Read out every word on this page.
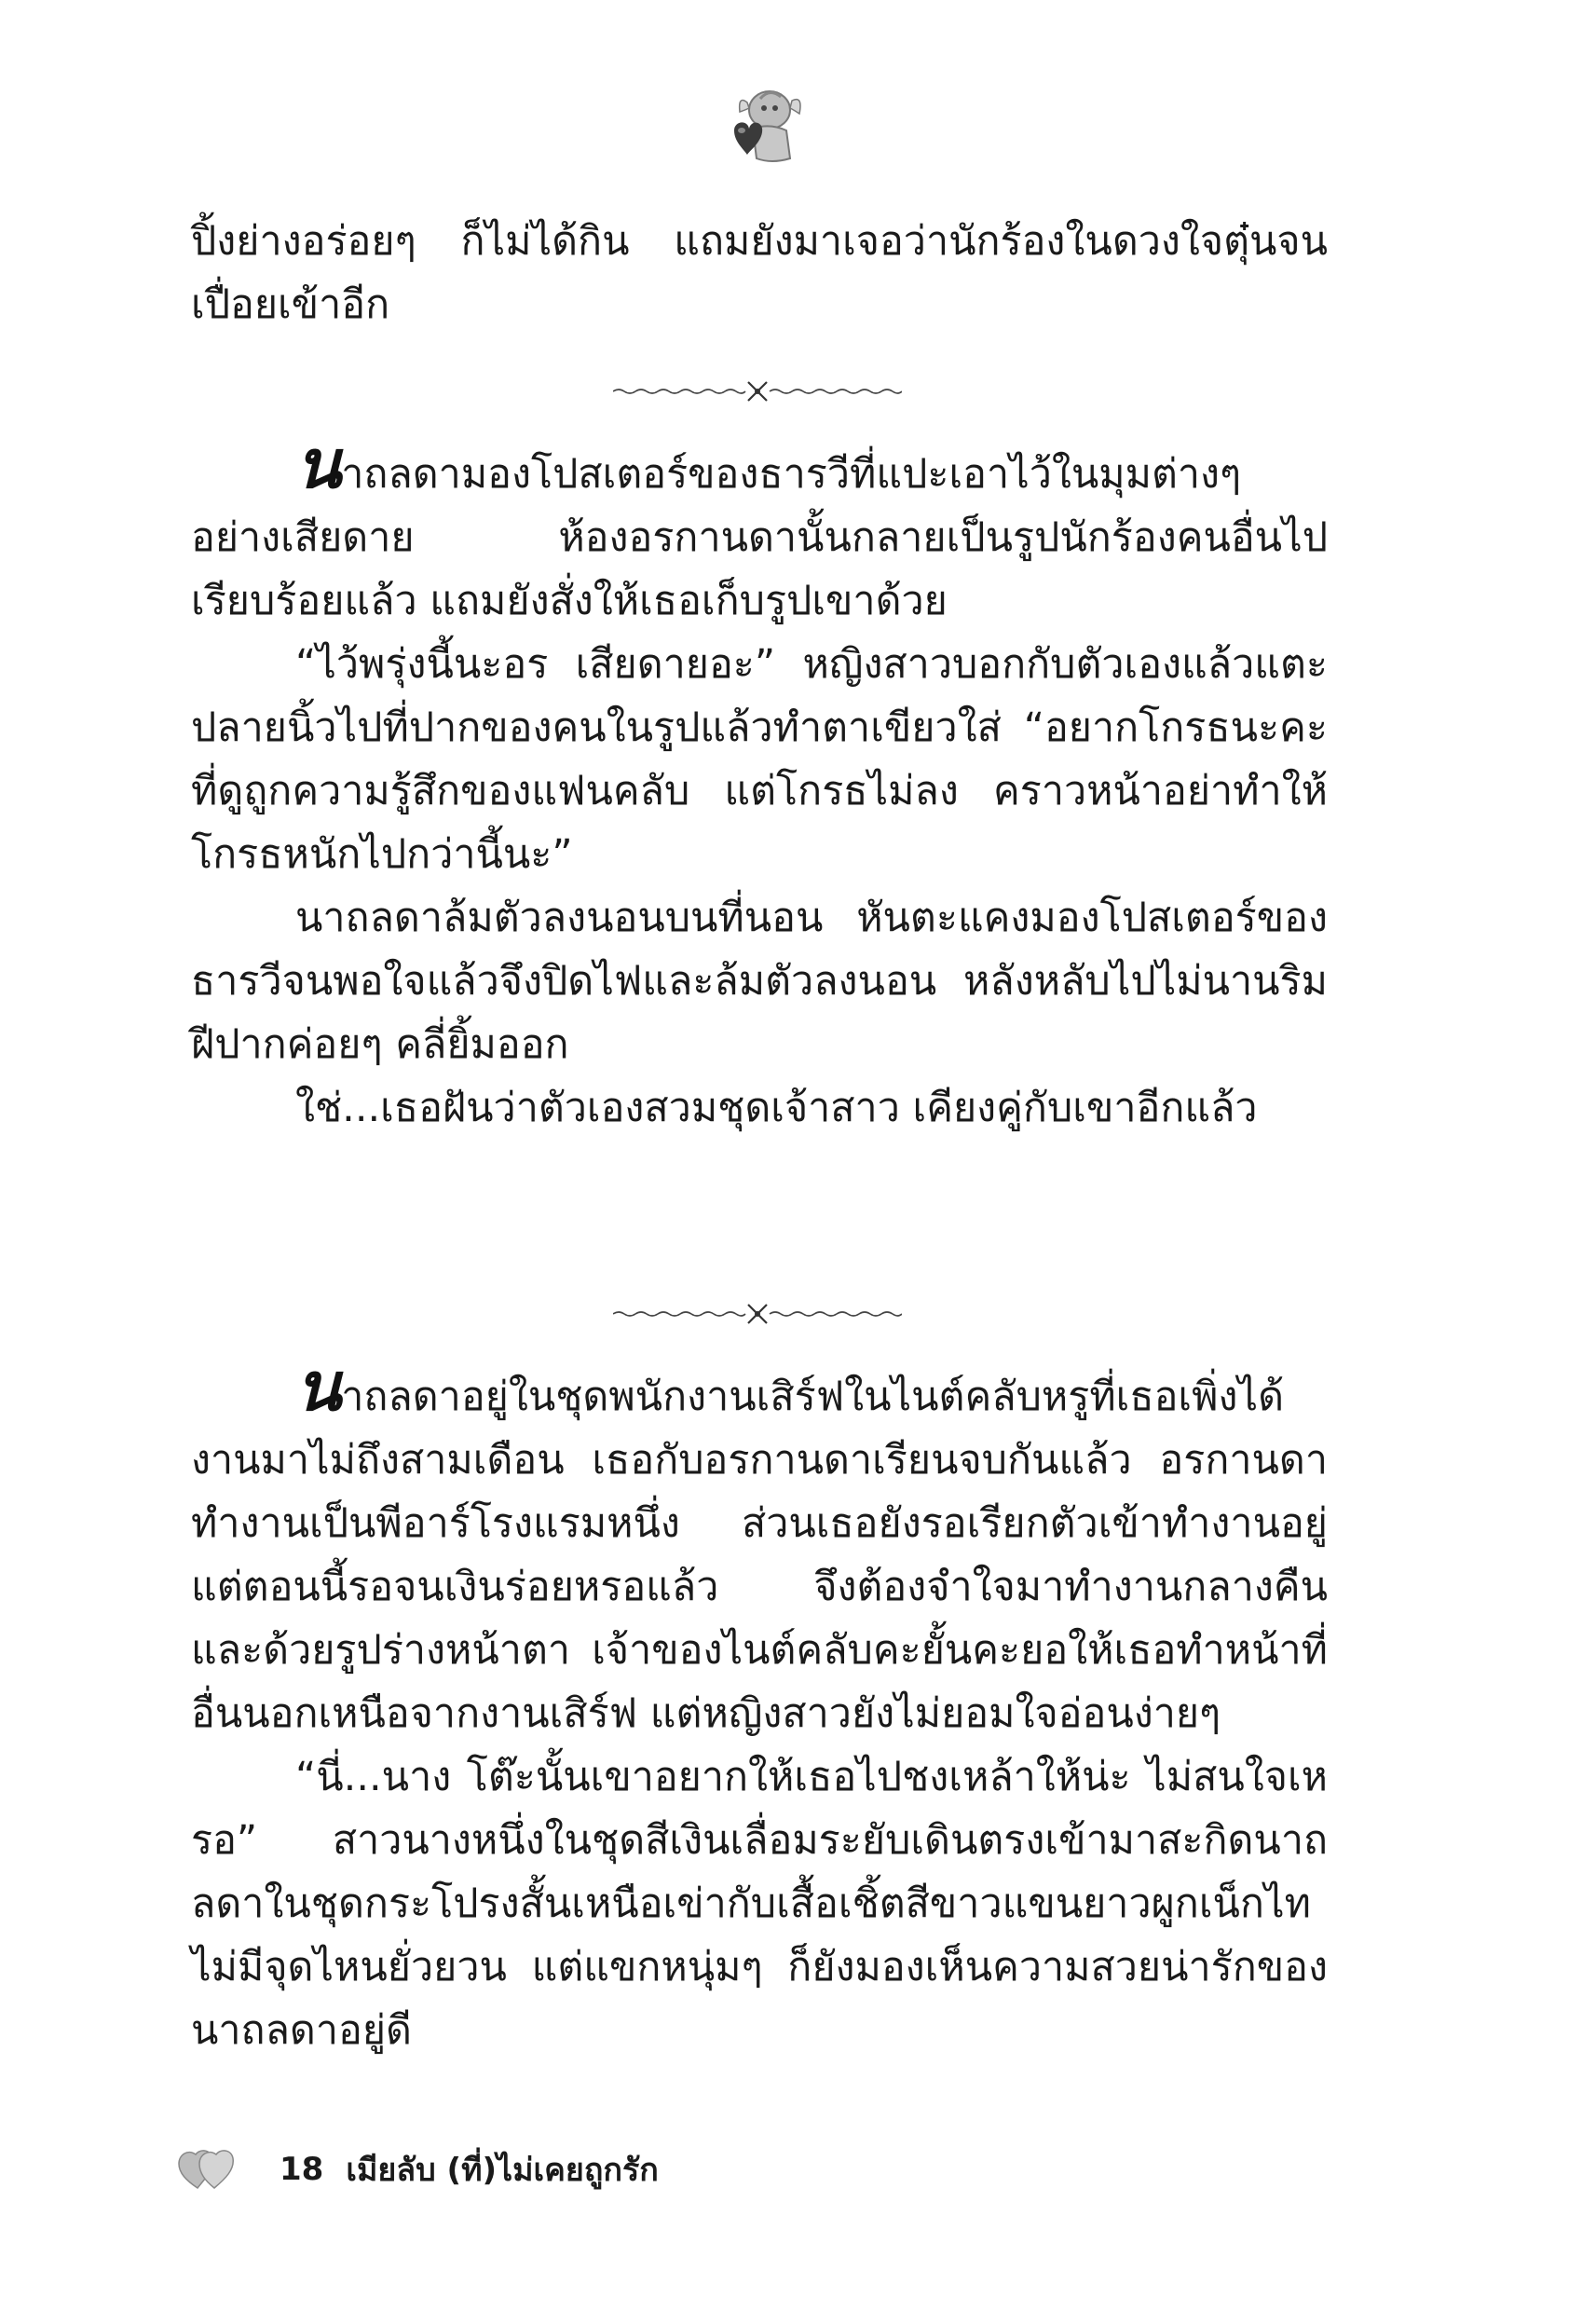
ปิ้งย่างอร่อยๆ ก็ไม่ได้กิน แถมยังมาเจอว่านักร้องในดวงใจตุ๋นจนเปื่อยเข้าอีก

นาถลดามองโปสเตอร์ของธารวีที่แปะเอาไว้ในมุมต่างๆ อย่างเสียดาย ห้องอรกานดานั้นกลายเป็นรูปนักร้องคนอื่นไปเรียบร้อยแล้ว แถมยังสั่งให้เธอเก็บรูปเขาด้วย

“ไว้พรุ่งนี้นะอร เสียดายอะ” หญิงสาวบอกกับตัวเองแล้วแตะปลายนิ้วไปที่ปากของคนในรูปแล้วทำตาเขียวใส่ “อยากโกรธนะคะ ที่ดูถูกความรู้สึกของแฟนคลับ แต่โกรธไม่ลง คราวหน้าอย่าทำให้โกรธหนักไปกว่านี้นะ”

นาถลดาล้มตัวลงนอนบนที่นอน หันตะแคงมองโปสเตอร์ของธารวีจนพอใจแล้วจึงปิดไฟและล้มตัวลงนอน หลังหลับไปไม่นานริมฝีปากค่อยๆ คลี่ยิ้มออก

ใช่...เธอฝันว่าตัวเองสวมชุดเจ้าสาว เคียงคู่กับเขาอีกแล้ว

นาถลดาอยู่ในชุดพนักงานเสิร์ฟในไนต์คลับหรูที่เธอเพิ่งได้งานมาไม่ถึงสามเดือน เธอกับอรกานดาเรียนจบกันแล้ว อรกานดาทำงานเป็นพีอาร์โรงแรมหนึ่ง ส่วนเธอยังรอเรียกตัวเข้าทำงานอยู่ แต่ตอนนี้รอจนเงินร่อยหรอแล้ว จึงต้องจำใจมาทำงานกลางคืน และด้วยรูปร่างหน้าตา เจ้าของไนต์คลับคะยั้นคะยอให้เธอทำหน้าที่อื่นนอกเหนือจากงานเสิร์ฟ แต่หญิงสาวยังไม่ยอมใจอ่อนง่ายๆ

“นี่...นาง โต๊ะนั้นเขาอยากให้เธอไปชงเหล้าให้น่ะ ไม่สนใจเหรอ” สาวนางหนึ่งในชุดสีเงินเลื่อมระยับเดินตรงเข้ามาสะกิดนาถลดาในชุดกระโปรงสั้นเหนือเข่ากับเสื้อเชิ้ตสีขาวแขนยาวผูกเน็กไท ไม่มีจุดไหนยั่วยวน แต่แขกหนุ่มๆ ก็ยังมองเห็นความสวยน่ารักของนาถลดาอยู่ดี

18 เมียลับ (ที่)ไม่เคยถูกรัก
